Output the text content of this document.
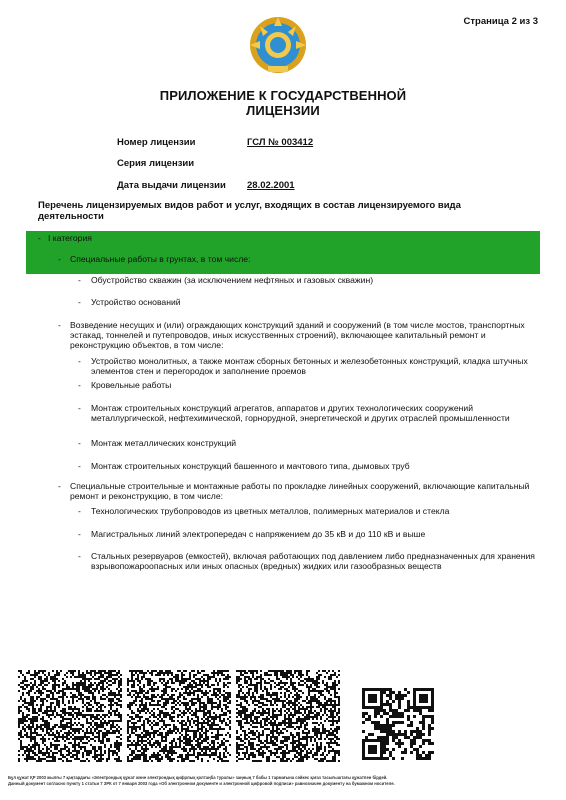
Страница 2 из 3
ПРИЛОЖЕНИЕ К ГОСУДАРСТВЕННОЙ
ЛИЦЕНЗИИ
Номер лицензии	ГСЛ № 003412
Серия лицензии
Дата выдачи лицензии 28.02.2001
Перечень лицензируемых видов работ и услуг, входящих в состав лицензируемого вида деятельности
- I категория
- Специальные работы в грунтах, в том числе:
- Обустройство скважин (за исключением нефтяных и газовых скважин)
- Устройство оснований
- Возведение несущих и (или) ограждающих конструкций зданий и сооружений (в том числе мостов, транспортных эстакад, тоннелей и путепроводов, иных искусственных строений), включающее капитальный ремонт и реконструкцию объектов, в том числе:
- Устройство монолитных, а также монтаж сборных бетонных и железобетонных конструкций, кладка штучных элементов стен и перегородок и заполнение проемов
- Кровельные работы
- Монтаж строительных конструкций агрегатов, аппаратов и других технологических сооружений металлургической, нефтехимической, горнорудной, энергетической и других отраслей промышленности
- Монтаж металлических конструкций
- Монтаж строительных конструкций башенного и мачтового типа, дымовых труб
- Специальные строительные и монтажные работы по прокладке линейных сооружений, включающие капитальный ремонт и реконструкцию, в том числе:
- Технологических трубопроводов из цветных металлов, полимерных материалов и стекла
- Магистральных линий электропередач с напряжением до 35 кВ и до 110 кВ и выше
- Стальных резервуаров (емкостей), включая работающих под давлением либо предназначенных для хранения взрывопожароопасных или иных опасных (вредных) жидких или газообразных веществ
Бұл құжат ҚР 2003 жылғы 7 қаңтардағы «Электрондық құжат және электрондық цифрлық қолтаңба туралы» заңның 7 бабы 1 тармағына сәйкес қағаз тасығыштағы құжатпен бірдей.
Данный документ согласно пункту 1 статьи 7 ЗРК от 7 января 2003 года «Об электронном документе и электронной цифровой подписи» равнозначен документу на бумажном носителе.
